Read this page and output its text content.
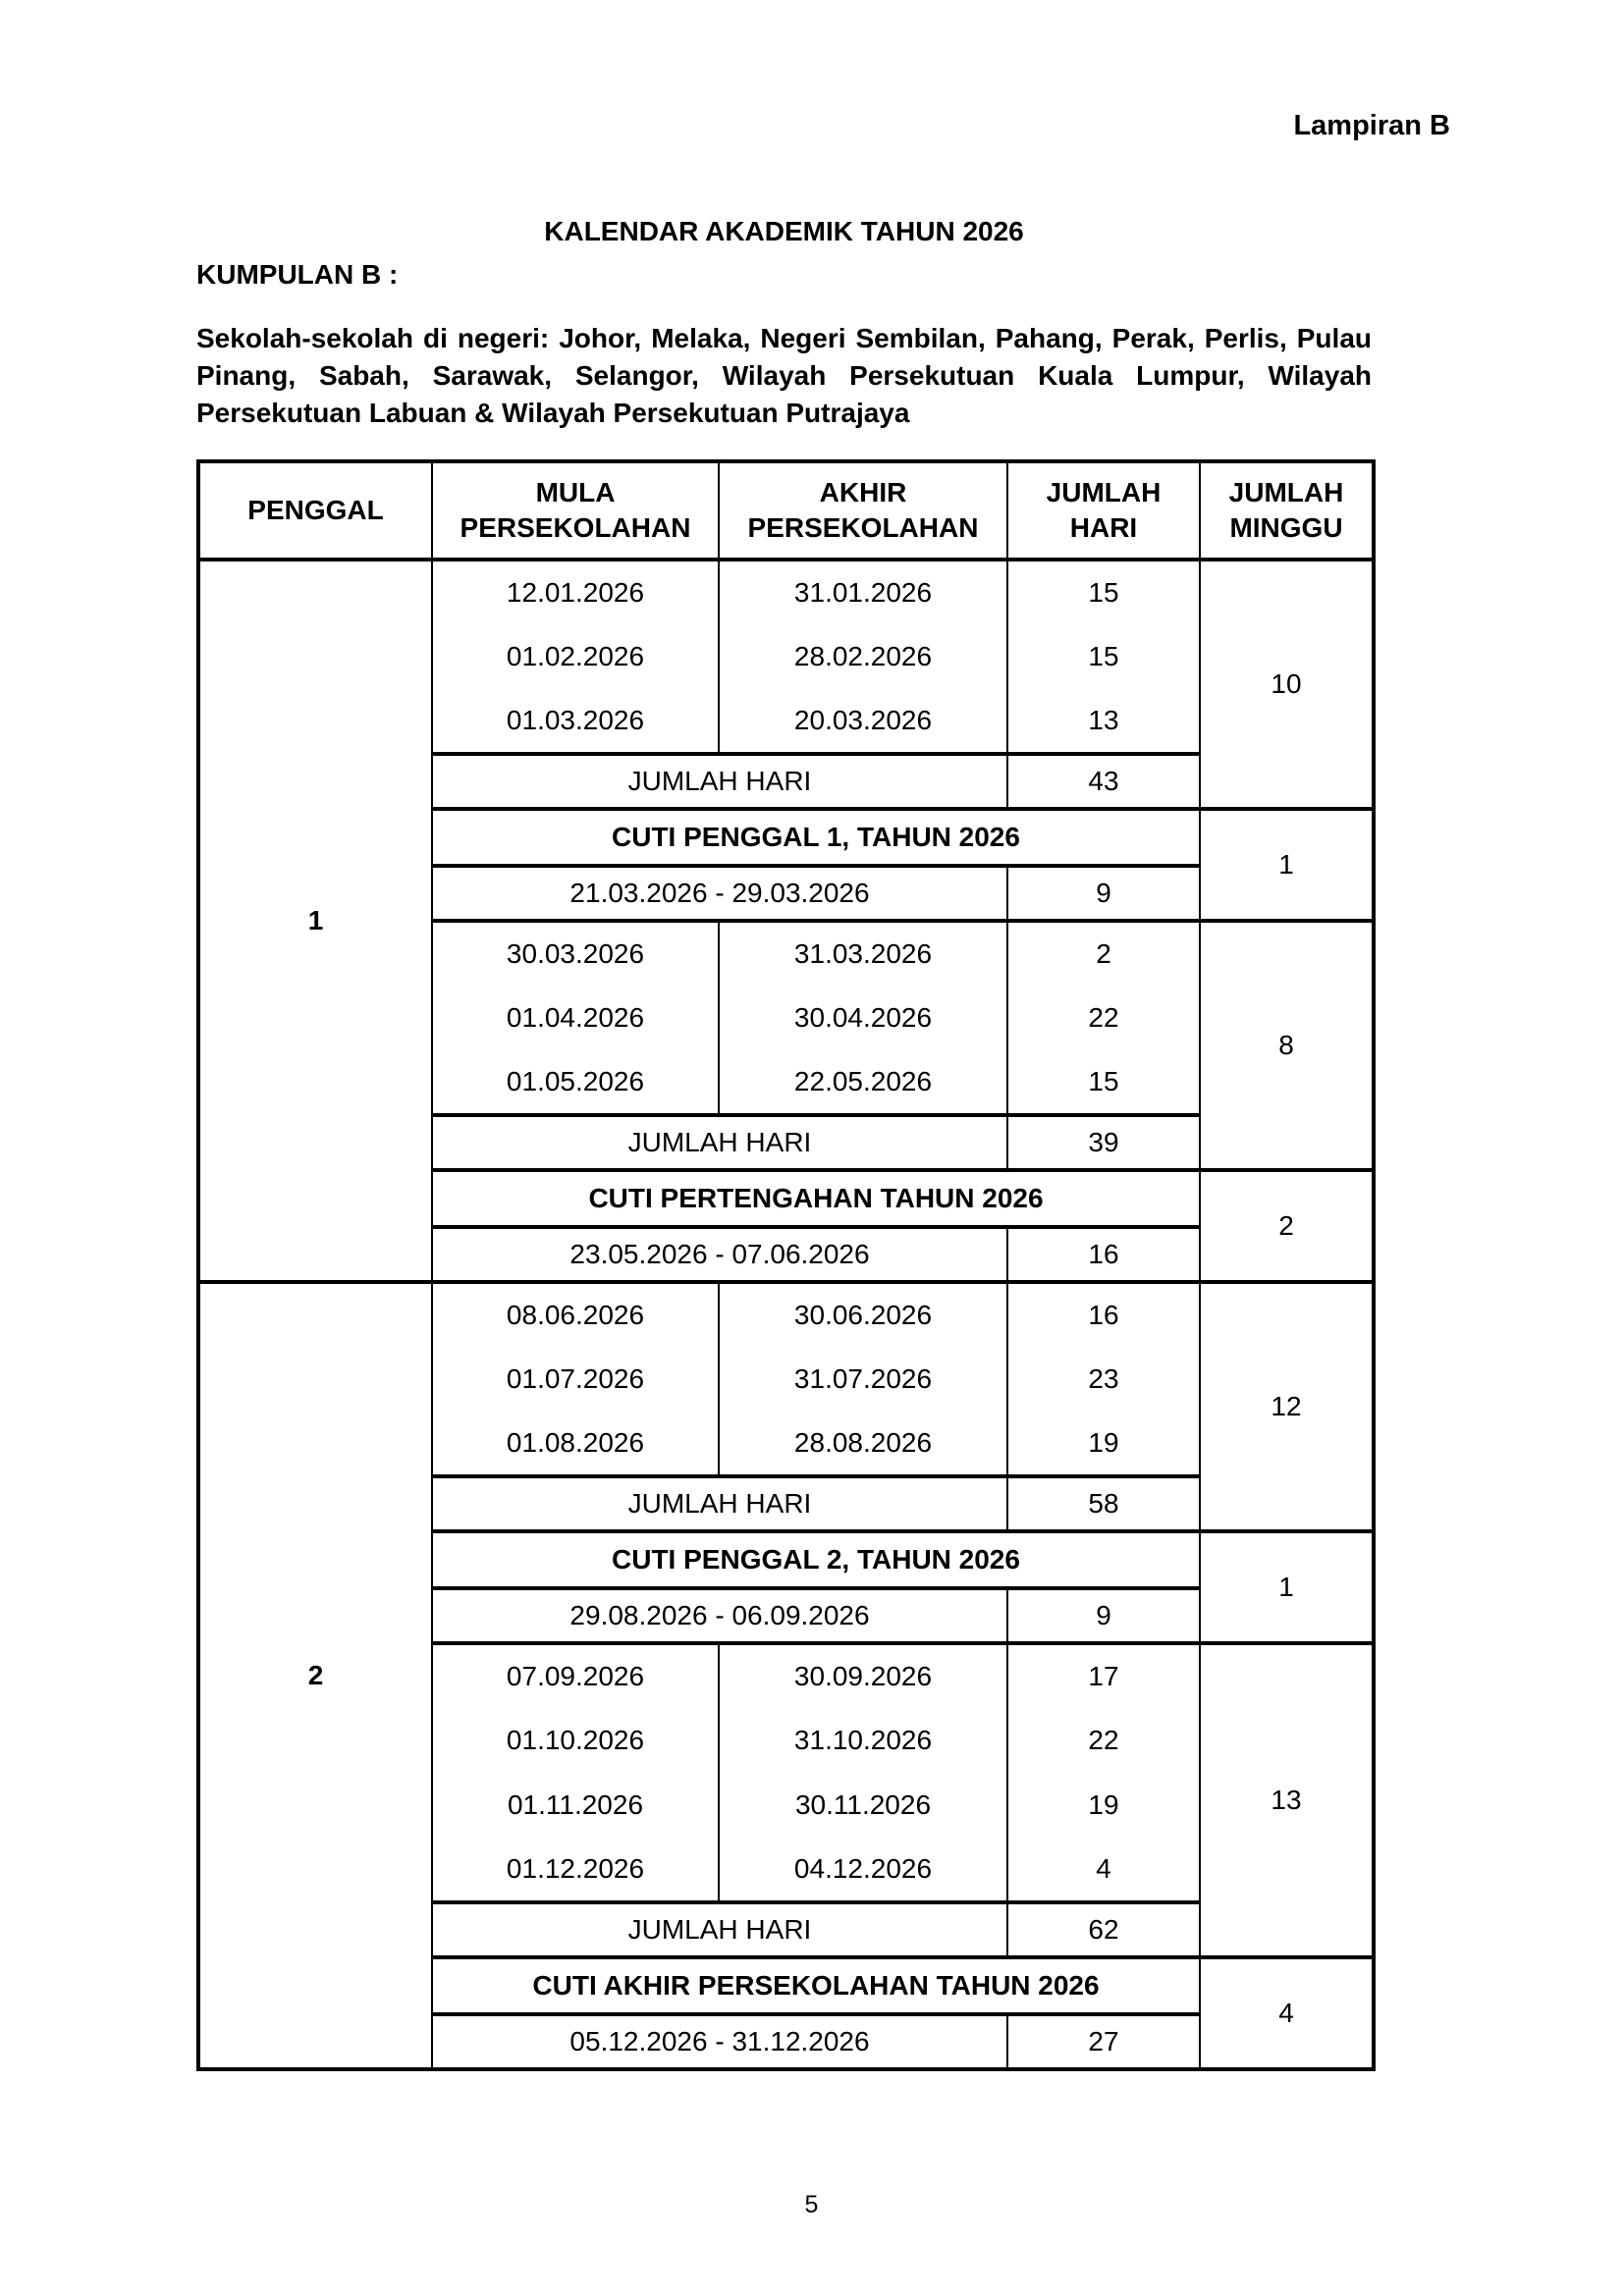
Lampiran B
KALENDAR AKADEMIK TAHUN 2026
KUMPULAN B :

Sekolah-sekolah di negeri: Johor, Melaka, Negeri Sembilan, Pahang, Perak, Perlis, Pulau Pinang, Sabah, Sarawak, Selangor, Wilayah Persekutuan Kuala Lumpur, Wilayah Persekutuan Labuan & Wilayah Persekutuan Putrajaya

PENGGAL	MULA PERSEKOLAHAN	AKHIR PERSEKOLAHAN	JUMLAH HARI	JUMLAH MINGGU
1	12.01.2026	31.01.2026	15	10
	01.02.2026	28.02.2026	15	
	01.03.2026	20.03.2026	13	
	JUMLAH HARI		43	
	CUTI PENGGAL 1, TAHUN 2026			1
	21.03.2026 - 29.03.2026		9	
	30.03.2026	31.03.2026	2	8
	01.04.2026	30.04.2026	22	
	01.05.2026	22.05.2026	15	
	JUMLAH HARI		39	
	CUTI PERTENGAHAN TAHUN 2026			2
	23.05.2026 - 07.06.2026		16	
2	08.06.2026	30.06.2026	16	12
	01.07.2026	31.07.2026	23	
	01.08.2026	28.08.2026	19	
	JUMLAH HARI		58	
	CUTI PENGGAL 2, TAHUN 2026			1
	29.08.2026 - 06.09.2026		9	
	07.09.2026	30.09.2026	17	13
	01.10.2026	31.10.2026	22	
	01.11.2026	30.11.2026	19	
	01.12.2026	04.12.2026	4	
	JUMLAH HARI		62	
	CUTI AKHIR PERSEKOLAHAN TAHUN 2026			4
	05.12.2026 - 31.12.2026		27	
5
